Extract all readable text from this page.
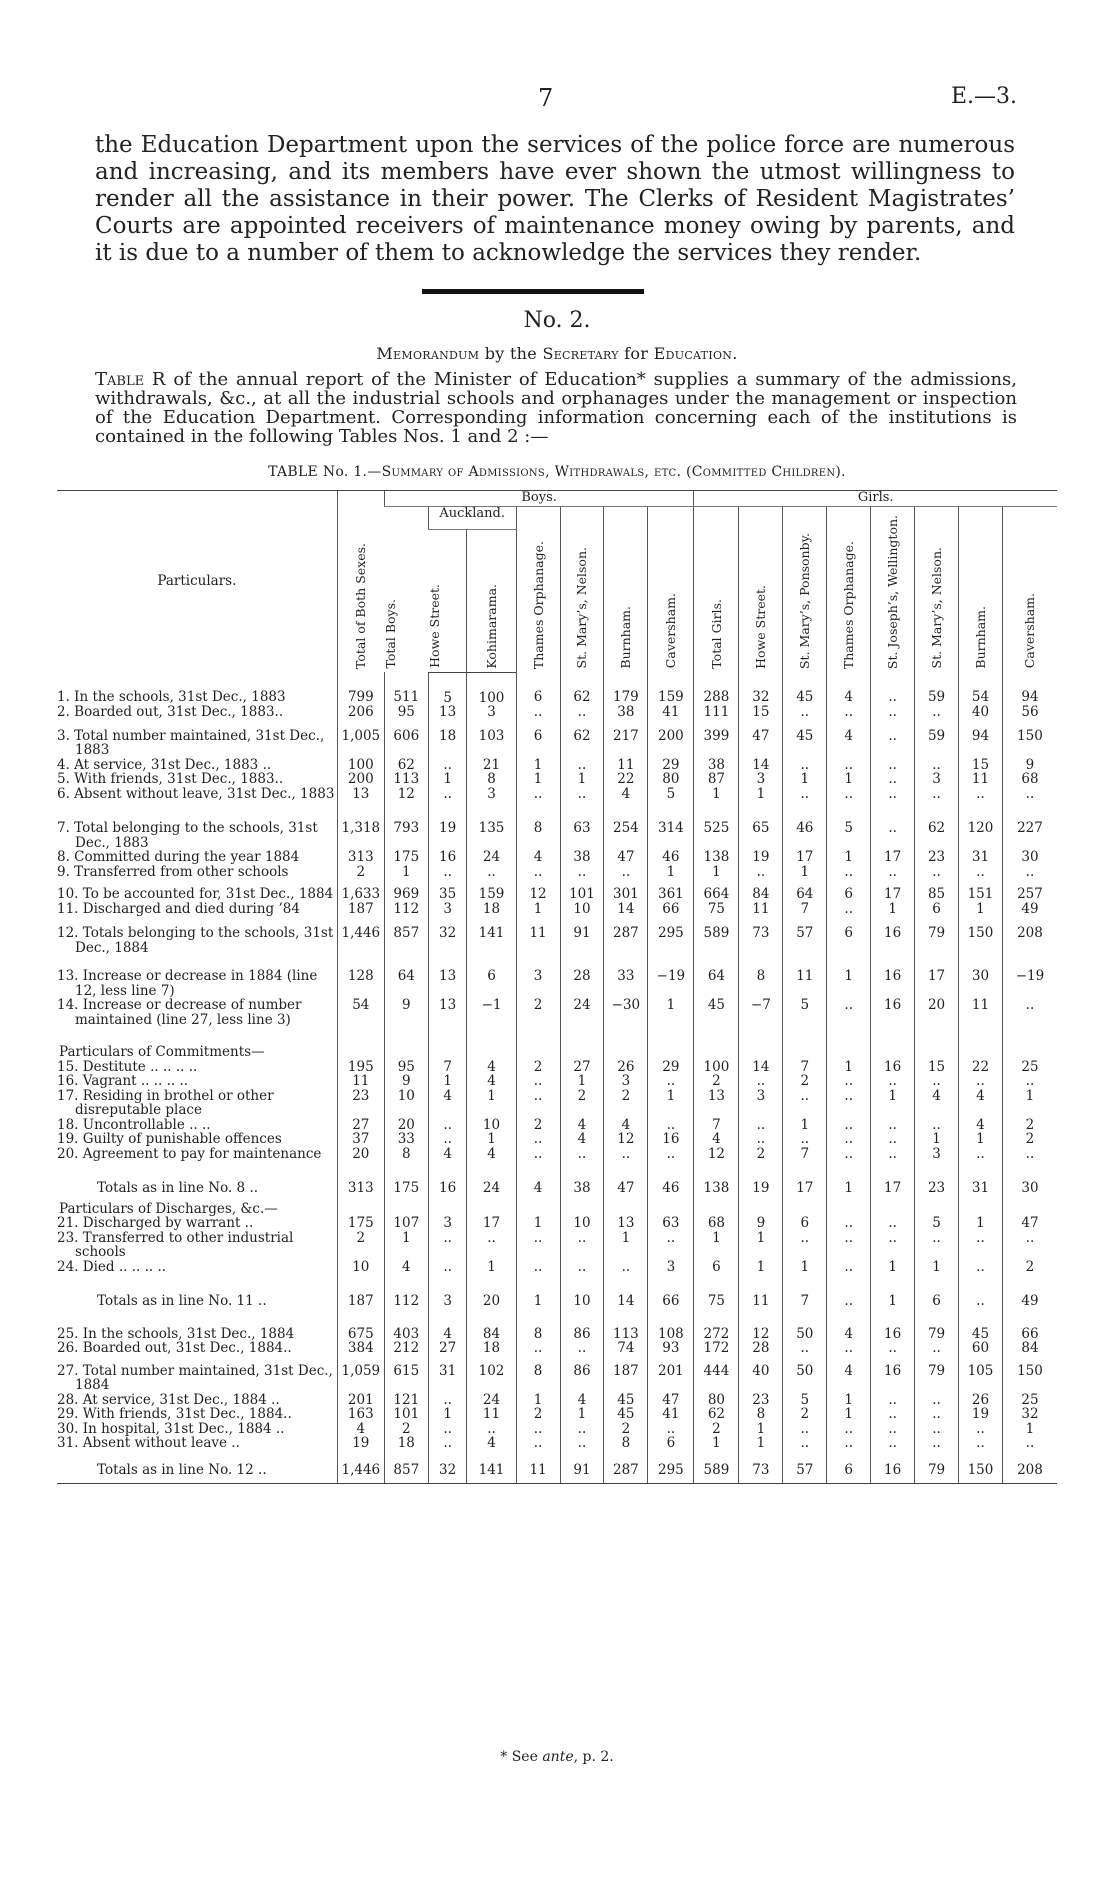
7	E.—3.
the Education Department upon the services of the police force are numerous and increasing, and its members have ever shown the utmost willingness to render all the assistance in their power. The Clerks of Resident Magistrates’ Courts are appointed receivers of maintenance money owing by parents, and it is due to a number of them to acknowledge the services they render.
No. 2.
Memorandum by the Secretary for Education.
Table R of the annual report of the Minister of Education* supplies a summary of the admissions, withdrawals, &c., at all the industrial schools and orphanages under the management or inspection of the Education Department. Corresponding information concerning each of the institutions is contained in the following Tables Nos. 1 and 2 :—
TABLE No. 1.—Summary of Admissions, Withdrawals, etc. (Committed Children).
Particulars.	Total of Both Sexes.	Boys.							Girls.							
		Total Boys.	Auckland.		Thames Orphanage.	St. Mary’s, Nelson.	Burnham.	Caversham.	Total Girls.	Howe Street.	St. Mary’s, Ponsonby.	Thames Orphanage.	St. Joseph’s, Wellington.	St. Mary’s, Nelson.	Burnham.	Caversham.
			Howe Street.	Kohimarama.												
1. In the schools, 31st Dec., 1883	799	511	5	100	6	62	179	159	288	32	45	4	..	59	54	94
2. Boarded out, 31st Dec., 1883..	206	95	13	3	..	..	38	41	111	15	..	..	..	..	40	56

3. Total number maintained, 31st Dec., 1883	1,005	606	18	103	6	62	217	200	399	47	45	4	..	59	94	150
4. At service, 31st Dec., 1883 ..	100	62	..	21	1	..	11	29	38	14	..	..	..	..	15	9
5. With friends, 31st Dec., 1883..	200	113	1	8	1	1	22	80	87	3	1	1	..	3	11	68
6. Absent without leave, 31st Dec., 1883	13	12	..	3	..	..	4	5	1	1	..	..	..	..	..	..

7. Total belonging to the schools, 31st Dec., 1883	1,318	793	19	135	8	63	254	314	525	65	46	5	..	62	120	227
8. Committed during the year 1884	313	175	16	24	4	38	47	46	138	19	17	1	17	23	31	30
9. Transferred from other schools	2	1	..	..	..	..	..	1	1	..	1	..	..	..	..	..

10. To be accounted for, 31st Dec., 1884	1,633	969	35	159	12	101	301	361	664	84	64	6	17	85	151	257
11. Discharged and died during ’84	187	112	3	18	1	10	14	66	75	11	7	..	1	6	1	49

12. Totals belonging to the schools, 31st Dec., 1884	1,446	857	32	141	11	91	287	295	589	73	57	6	16	79	150	208

13. Increase or decrease in 1884 (line 12, less line 7)	128	64	13	6	3	28	33	−19	64	8	11	1	16	17	30	−19
14. Increase or decrease of number maintained (line 27, less line 3)	54	9	13	−1	2	24	−30	1	45	−7	5	..	16	20	11	..

Particulars of Commitments—																
15. Destitute .. .. .. ..	195	95	7	4	2	27	26	29	100	14	7	1	16	15	22	25
16. Vagrant .. .. .. ..	11	9	1	4	..	1	3	..	2	..	2	..	..	..	..	..
17. Residing in brothel or other disreputable place	23	10	4	1	..	2	2	1	13	3	..	..	1	4	4	1
18. Uncontrollable .. ..	27	20	..	10	2	4	4	..	7	..	1	..	..	..	4	2
19. Guilty of punishable offences	37	33	..	1	..	4	12	16	4	..	..	..	..	1	1	2
20. Agreement to pay for maintenance	20	8	4	4	..	..	..	..	12	2	7	..	..	3	..	..

Totals as in line No. 8 ..	313	175	16	24	4	38	47	46	138	19	17	1	17	23	31	30
Particulars of Discharges, &c.—																
21. Discharged by warrant ..	175	107	3	17	1	10	13	63	68	9	6	..	..	5	1	47
23. Transferred to other industrial schools	2	1	..	..	..	..	1	..	1	1	..	..	..	..	..	..
24. Died .. .. .. ..	10	4	..	1	..	..	..	3	6	1	1	..	1	1	..	2

Totals as in line No. 11 ..	187	112	3	20	1	10	14	66	75	11	7	..	1	6	..	49

25. In the schools, 31st Dec., 1884	675	403	4	84	8	86	113	108	272	12	50	4	16	79	45	66
26. Boarded out, 31st Dec., 1884..	384	212	27	18	..	..	74	93	172	28	..	..	..	..	60	84

27. Total number maintained, 31st Dec., 1884	1,059	615	31	102	8	86	187	201	444	40	50	4	16	79	105	150
28. At service, 31st Dec., 1884 ..	201	121	..	24	1	4	45	47	80	23	5	1	..	..	26	25
29. With friends, 31st Dec., 1884..	163	101	1	11	2	1	45	41	62	8	2	1	..	..	19	32
30. In hospital, 31st Dec., 1884 ..	4	2	..	..	..	..	2	..	2	1	..	..	..	..	..	1
31. Absent without leave ..	19	18	..	4	..	..	8	6	1	1	..	..	..	..	..	..

Totals as in line No. 12 ..	1,446	857	32	141	11	91	287	295	589	73	57	6	16	79	150	208
* See ante, p. 2.
